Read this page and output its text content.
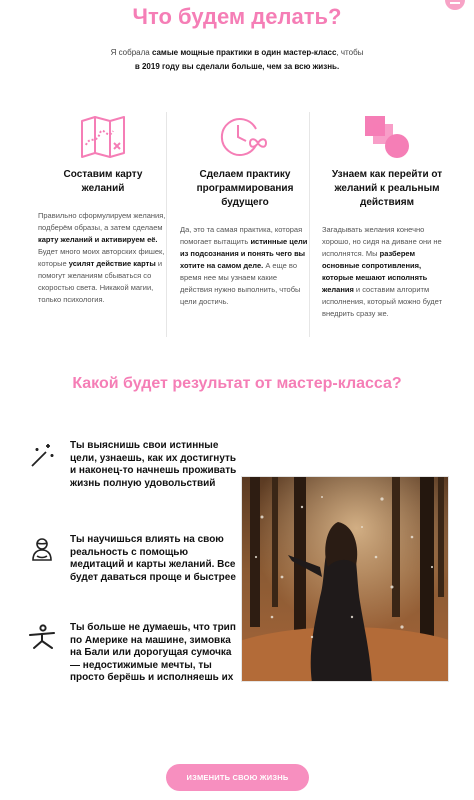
Что будем делать?
Я собрала самые мощные практики в один мастер-класс, чтобы
в 2019 году вы сделали больше, чем за всю жизнь.
Составим карту
желаний

Правильно сформулируем желания, подберём образы, а затем сделаем карту желаний и активируем её. Будет много моих авторских фишек, которые усилят действие карты и помогут желаниям сбываться со скоростью света. Никакой магии, только психология.

Сделаем практику
программирования
будущего

Да, это та самая практика, которая помогает вытащить истинные цели из подсознания и понять чего вы хотите на самом деле. А еще во время нее мы узнаем какие действия нужно выполнить, чтобы цели достичь.

Узнаем как перейти от
желаний к реальным
действиям

Загадывать желания конечно хорошо, но сидя на диване они не исполнятся. Мы разберем основные сопротивления, которые мешают исполнять желания и составим алгоритм исполнения, который можно будет внедрить сразу же.

Какой будет результат от мастер-класса?
Ты выяснишь свои истинные цели, узнаешь, как их достигнуть и наконец-то начнешь проживать жизнь полную удовольствий
Ты научишься влиять на свою реальность с помощью медитаций и карты желаний. Все будет даваться проще и быстрее
Ты больше не думаешь, что трип по Америке на машине, зимовка на Бали или дорогущая сумочка — недостижимые мечты, ты просто берёшь и исполняешь их
ИЗМЕНИТЬ СВОЮ ЖИЗНЬ
